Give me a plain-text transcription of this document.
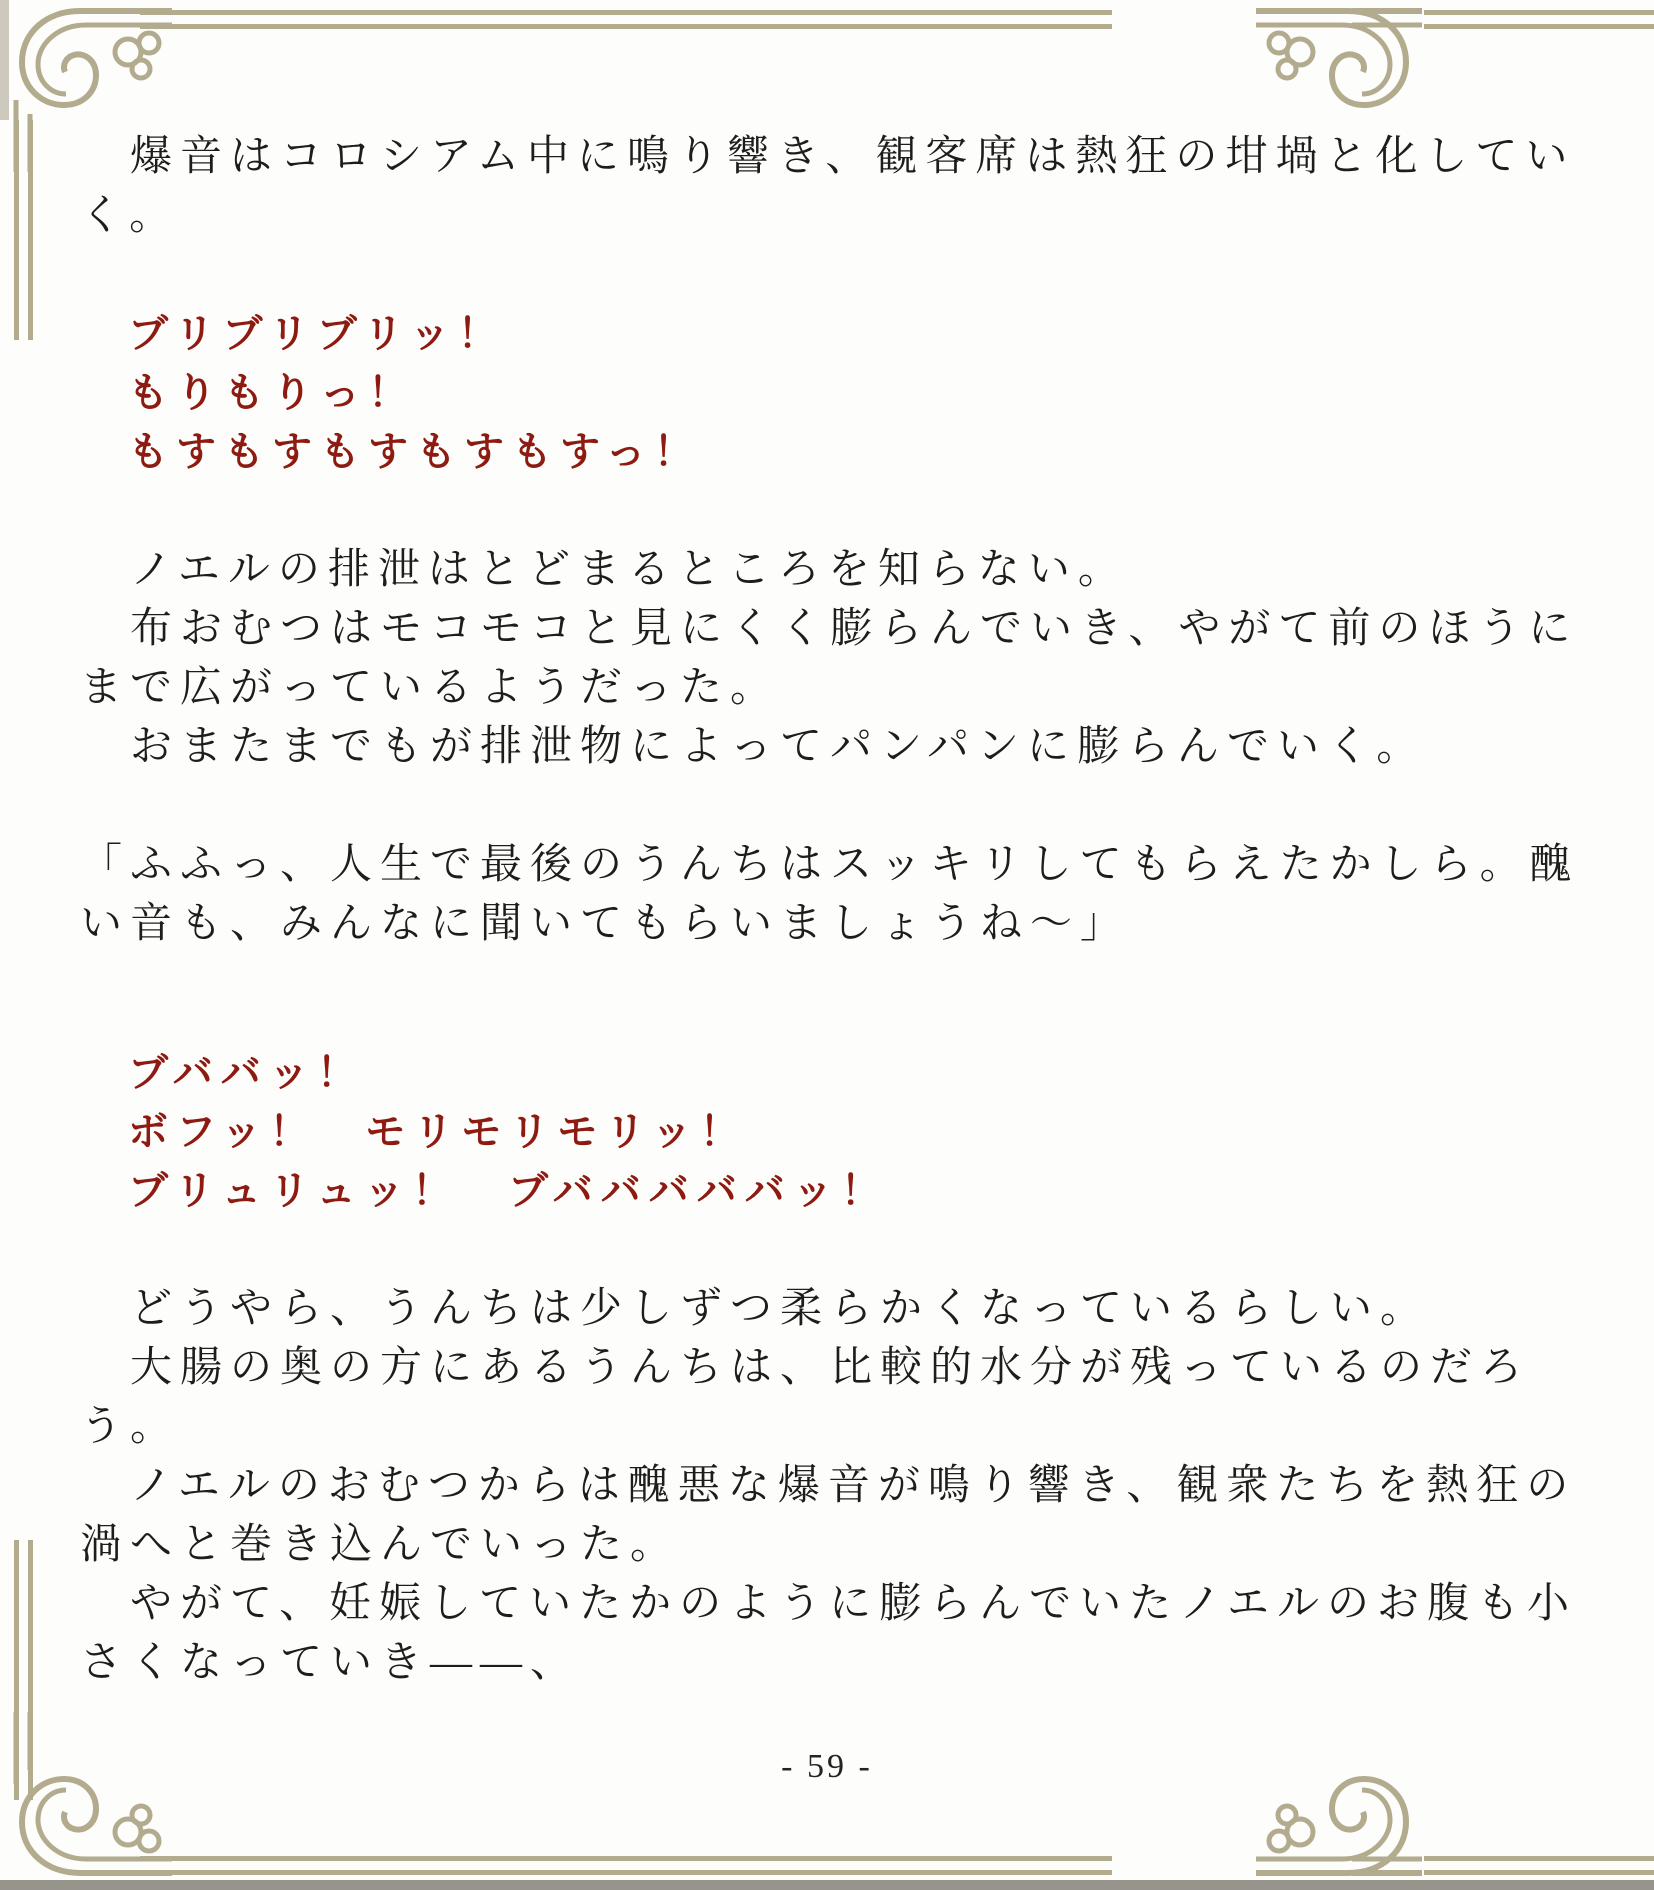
　爆音はコロシアム中に鳴り響き、観客席は熱狂の坩堝と化してい
く。
　ブリブリブリッ！
　もりもりっ！
　もすもすもすもすもすっ！
　ノエルの排泄はとどまるところを知らない。
　布おむつはモコモコと見にくく膨らんでいき、やがて前のほうに
まで広がっているようだった。
　おまたまでもが排泄物によってパンパンに膨らんでいく。
「ふふっ、人生で最後のうんちはスッキリしてもらえたかしら。醜
い音も、みんなに聞いてもらいましょうね～」
　ブババッ！
　ボフッ！　モリモリモリッ！
　ブリュリュッ！　ブバババババッ！
　どうやら、うんちは少しずつ柔らかくなっているらしい。
　大腸の奥の方にあるうんちは、比較的水分が残っているのだろ
う。
　ノエルのおむつからは醜悪な爆音が鳴り響き、観衆たちを熱狂の
渦へと巻き込んでいった。
　やがて、妊娠していたかのように膨らんでいたノエルのお腹も小
さくなっていき――、
- 59 -
